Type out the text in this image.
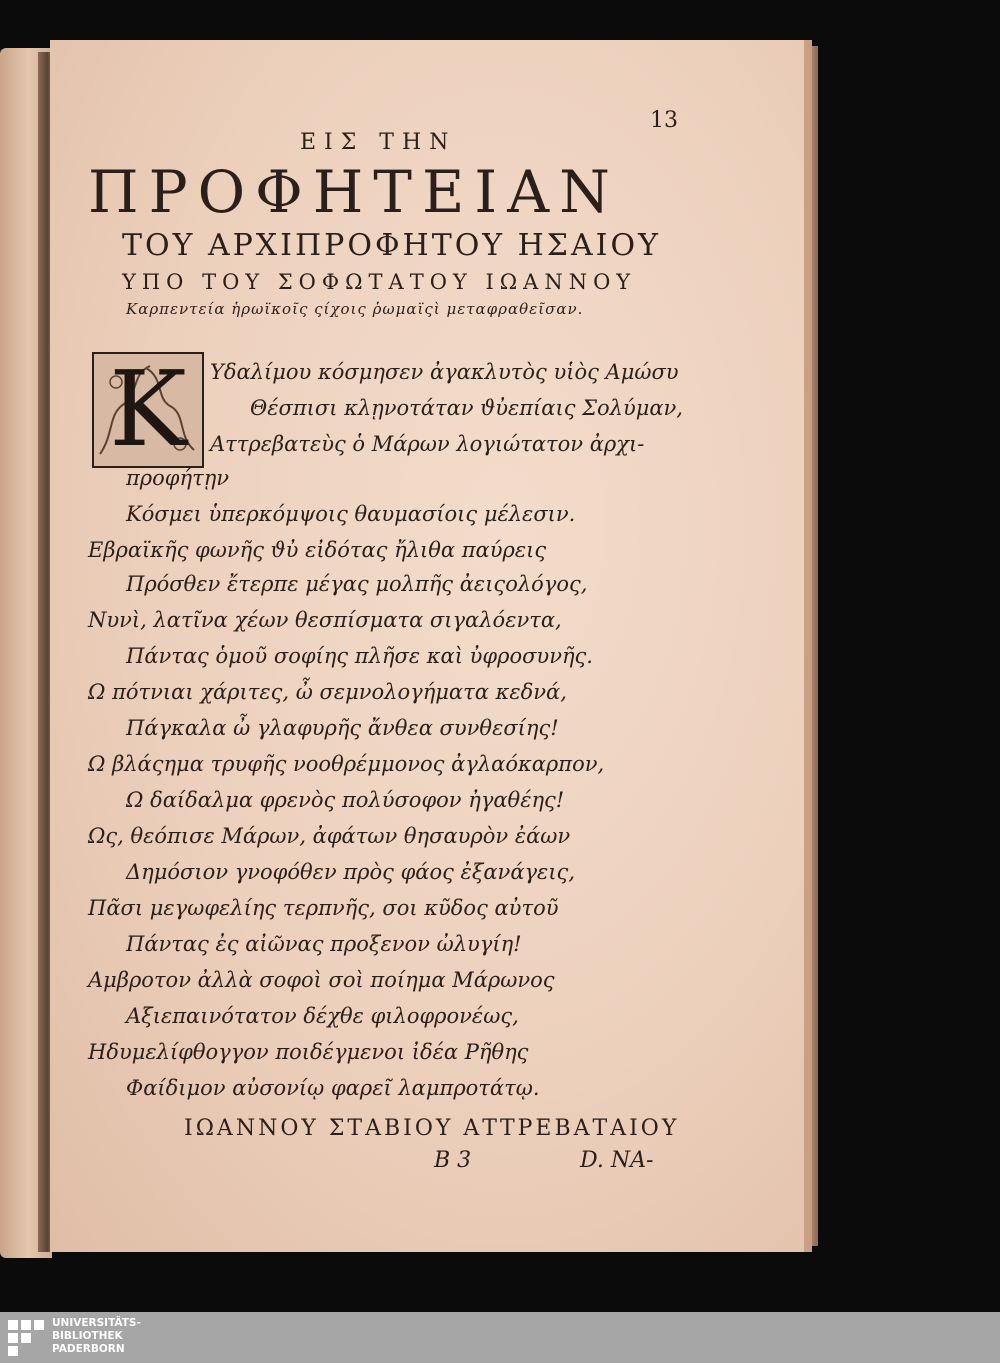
13
ΕΙΣ ΤΗΝ
ΠΡΟΦΗΤΕΙΑΝ
ΤΟΥ ΑΡΧΙΠΡΟΦΗΤΟΥ ΗΣΑΙΟΥ
ΥΠΟ ΤΟΥ ΣΟΦΩΤΑΤΟΥ ΙΩΑΝΝΟΥ
Καρπεντεία ἡρωϊκοῖς ςίχοις ῥωμαϊςὶ μεταφραθεῖσαν.
K	Υδαλίμου κόσμησεν ἀγακλυτὸς υἱὸς Αμώσυ
Θέσπισι κλῃνοτάταν ϑὐεπίαις Σολύμαν,
Αττρεβατεὺς ὁ Μάρων λογιώτατον ἀρχι-
προφήτῃν
Κόσμει ὑπερκόμψοις θαυμασίοις μέλεσιν.
Εβραϊκῆς φωνῆς ϑὐ εἰδότας ἤλιθα παύρεις
Πρόσθεν ἔτερπε μέγας μολπῆς ἀειςολόγος,
Νυνὶ, λατῖνα χέων θεσπίσματα σιγαλόεντα,
Πάντας ὁμοῦ σοφίης πλῆσε καὶ ὐφροσυνῆς.
Ω πότνιαι χάριτες, ὦ σεμνολογήματα κεδνά,
Πάγκαλα ὦ γλαφυρῆς ἄνθεα συνθεσίης!
Ω βλάςημα τρυφῆς νοοθρέμμονος ἀγλαόκαρπον,
Ω δαίδαλμα φρενὸς πολύσοφον ἠγαθέης!
Ως, θεόπισε Μάρων, ἀφάτων θησαυρὸν ἐάων
Δημόσιον γνοφόθεν πρὸς φάος ἐξανάγεις,
Πᾶσι μεγωφελίης τερπνῆς, σοι κῦδος αὐτοῦ
Πάντας ἐς αἰῶνας προξενον ὠλυγίη!
Αμβροτον ἀλλὰ σοφοὶ σοὶ ποίημα Μάρωνος
Αξιεπαινότατον δέχθε φιλοφρονέως,
Ηδυμελίφθογγον ποιδέγμενοι ἰδέα Ρῆθης
Φαίδιμον αὐσονίῳ φαρεῖ λαμπροτάτῳ.
ΙΩΑΝΝΟΥ ΣΤΑΒΙΟΥ ΑΤΤΡΕΒΑΤΑΙΟΥ
B 3	D. NA-
UNIVERSITÄTS-
BIBLIOTHEK
PADERBORN
